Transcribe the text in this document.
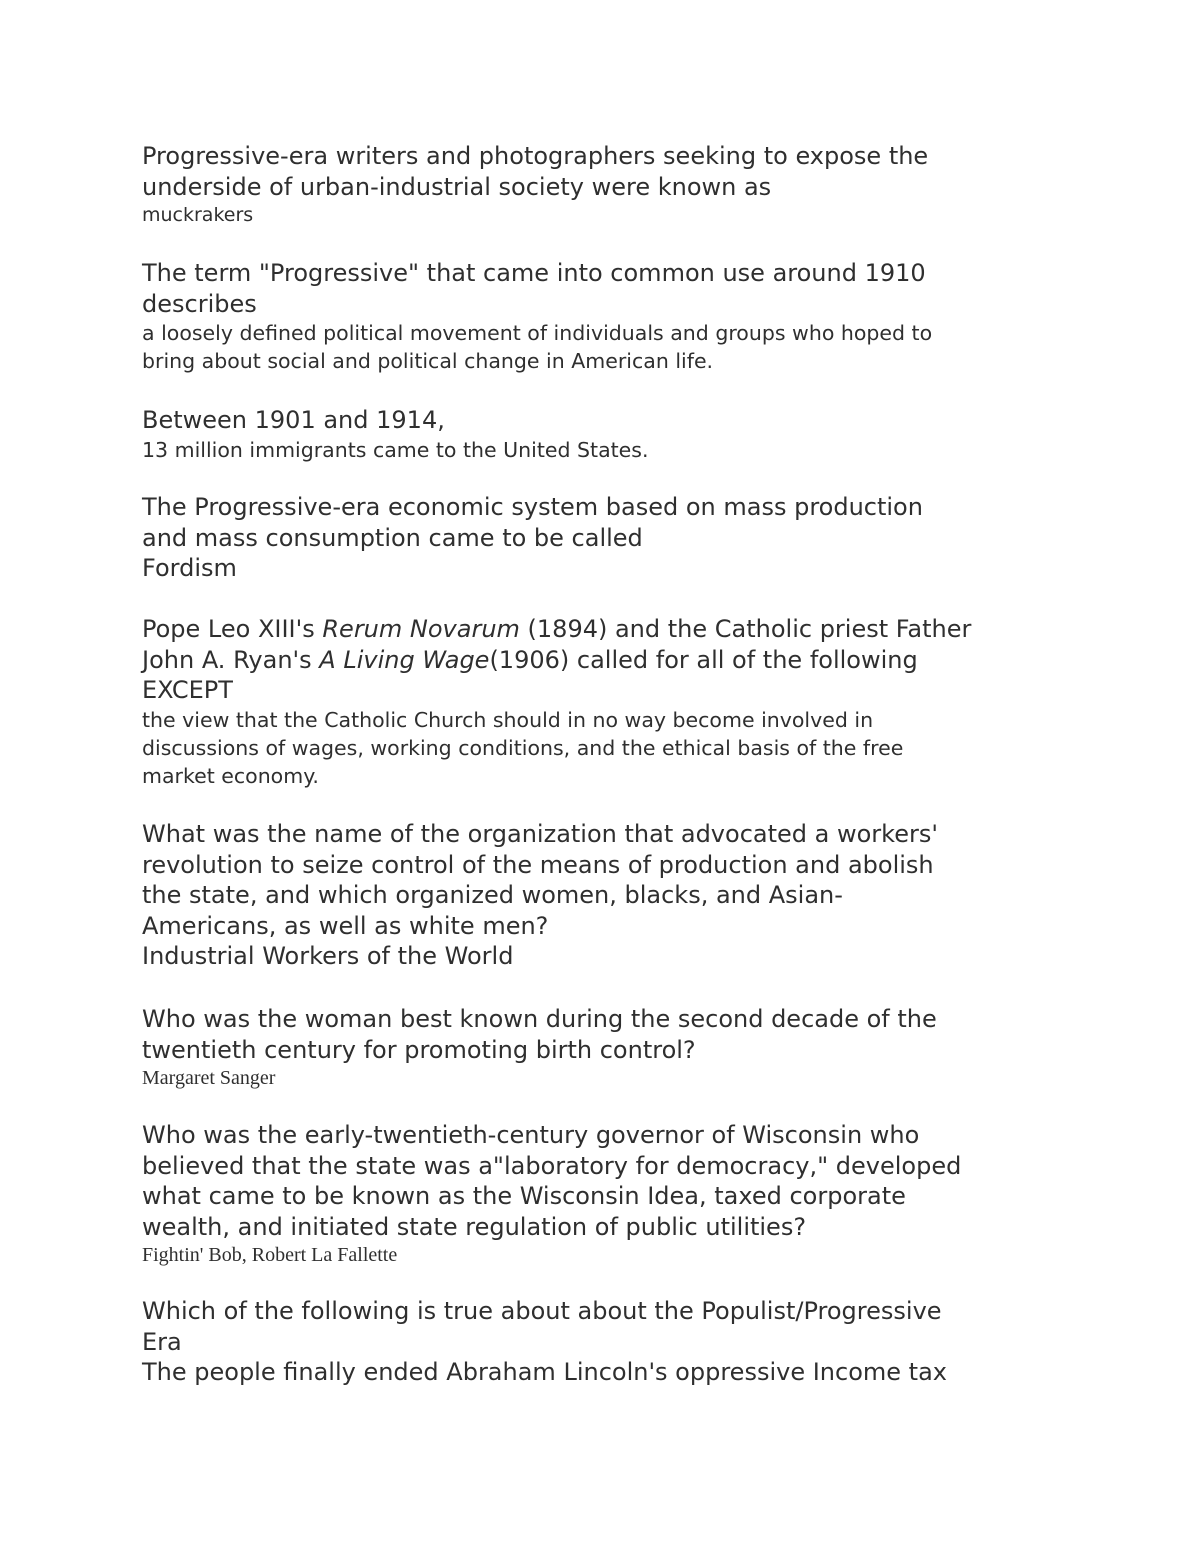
Progressive-era writers and photographers seeking to expose the
underside of urban-industrial society were known as
muckrakers
The term "Progressive" that came into common use around 1910
describes
a loosely defined political movement of individuals and groups who hoped to
bring about social and political change in American life.
Between 1901 and 1914,
13 million immigrants came to the United States.
The Progressive-era economic system based on mass production
and mass consumption came to be called
Fordism
Pope Leo XIII's Rerum Novarum (1894) and the Catholic priest Father
John A. Ryan's A Living Wage(1906) called for all of the following
EXCEPT
the view that the Catholic Church should in no way become involved in
discussions of wages, working conditions, and the ethical basis of the free
market economy.
What was the name of the organization that advocated a workers'
revolution to seize control of the means of production and abolish
the state, and which organized women, blacks, and Asian-
Americans, as well as white men?
Industrial Workers of the World
Who was the woman best known during the second decade of the
twentieth century for promoting birth control?
Margaret Sanger
Who was the early-twentieth-century governor of Wisconsin who
believed that the state was a"laboratory for democracy," developed
what came to be known as the Wisconsin Idea, taxed corporate
wealth, and initiated state regulation of public utilities?
Fightin' Bob, Robert La Fallette
Which of the following is true about about the Populist/Progressive
Era
The people finally ended Abraham Lincoln's oppressive Income tax
